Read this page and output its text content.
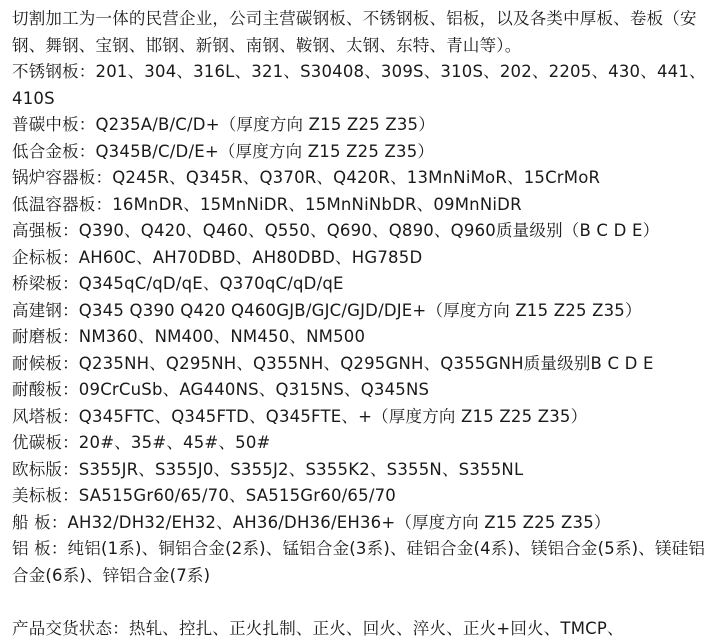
切割加工为一体的民营企业，公司主营碳钢板、不锈钢板、铝板，以及各类中厚板、卷板（安钢、舞钢、宝钢、邯钢、新钢、南钢、鞍钢、太钢、东特、青山等）。
不锈钢板：201、304、316L、321、S30408、309S、310S、202、2205、430、441、410S
普碳中板：Q235A/B/C/D+（厚度方向 Z15 Z25 Z35）
低合金板：Q345B/C/D/E+（厚度方向 Z15 Z25 Z35）
锅炉容器板：Q245R、Q345R、Q370R、Q420R、13MnNiMoR、15CrMoR
低温容器板：16MnDR、15MnNiDR、15MnNiNbDR、09MnNiDR
高强板：Q390、Q420、Q460、Q550、Q690、Q890、Q960质量级别（B C D E）
企标板：AH60C、AH70DBD、AH80DBD、HG785D
桥梁板：Q345qC/qD/qE、Q370qC/qD/qE
高建钢：Q345 Q390 Q420 Q460GJB/GJC/GJD/DJE+（厚度方向 Z15 Z25 Z35）
耐磨板：NM360、NM400、NM450、NM500
耐候板：Q235NH、Q295NH、Q355NH、Q295GNH、Q355GNH质量级别B C D E
耐酸板：09CrCuSb、AG440NS、Q315NS、Q345NS
风塔板：Q345FTC、Q345FTD、Q345FTE、+（厚度方向 Z15 Z25 Z35）
优碳板：20#、35#、45#、50#
欧标版：S355JR、S355J0、S355J2、S355K2、S355N、S355NL
美标板：SA515Gr60/65/70、SA515Gr60/65/70
船 板：AH32/DH32/EH32、AH36/DH36/EH36+（厚度方向 Z15 Z25 Z35）
铝 板：纯铝(1系)、铜铝合金(2系)、锰铝合金(3系)、硅铝合金(4系)、镁铝合金(5系)、镁硅铝合金(6系)、锌铝合金(7系)
产品交货状态：热轧、控扎、正火扎制、正火、回火、淬火、正火+回火、TMCP、
